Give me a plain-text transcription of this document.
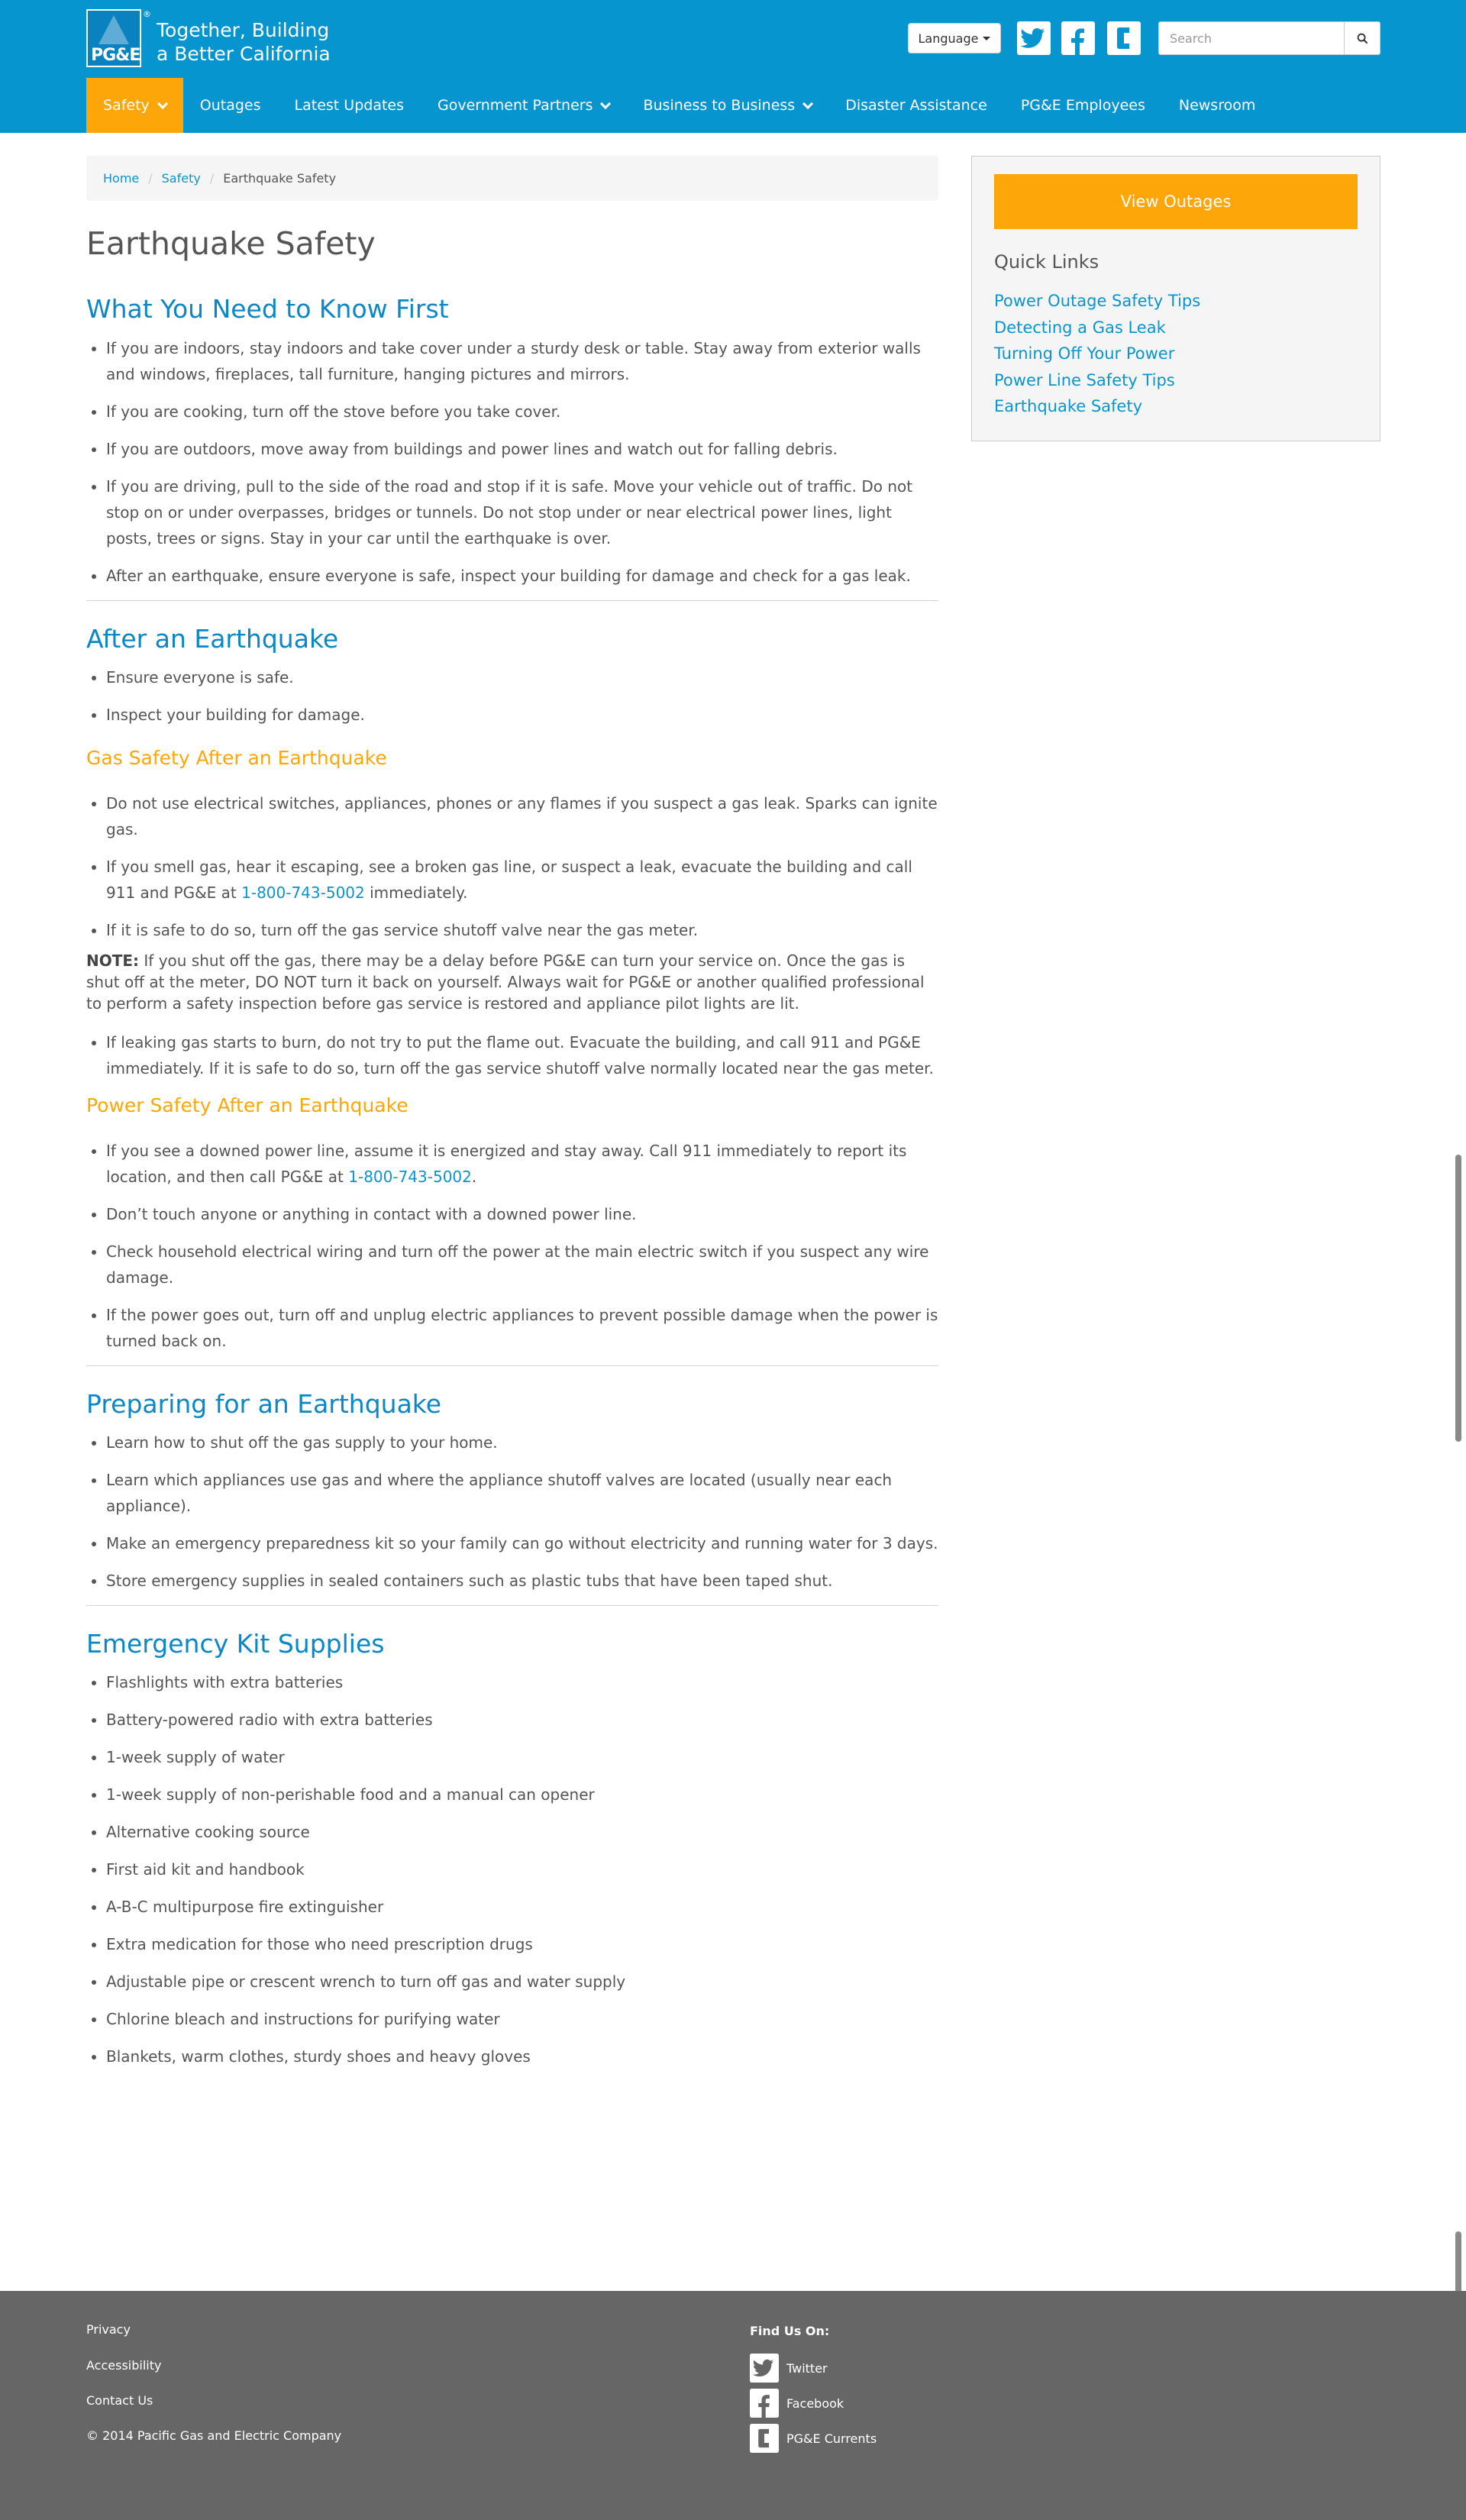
PG&E
®
Together, Building
a Better California
Language
Search
Safety	Outages Latest Updates Government Partners	Business to Business	Disaster Assistance PG&E Employees Newsroom
Home / Safety / Earthquake Safety
Earthquake Safety
What You Need to Know First
• If you are indoors, stay indoors and take cover under a sturdy desk or table. Stay away from exterior walls and windows, fireplaces, tall furniture, hanging pictures and mirrors.
• If you are cooking, turn off the stove before you take cover.
• If you are outdoors, move away from buildings and power lines and watch out for falling debris.
• If you are driving, pull to the side of the road and stop if it is safe. Move your vehicle out of traffic. Do not stop on or under overpasses, bridges or tunnels. Do not stop under or near electrical power lines, light posts, trees or signs. Stay in your car until the earthquake is over.
• After an earthquake, ensure everyone is safe, inspect your building for damage and check for a gas leak.
After an Earthquake
• Ensure everyone is safe.
• Inspect your building for damage.
Gas Safety After an Earthquake
• Do not use electrical switches, appliances, phones or any flames if you suspect a gas leak. Sparks can ignite gas.
• If you smell gas, hear it escaping, see a broken gas line, or suspect a leak, evacuate the building and call 911 and PG&E at 1-800-743-5002 immediately.
• If it is safe to do so, turn off the gas service shutoff valve near the gas meter.

NOTE: If you shut off the gas, there may be a delay before PG&E can turn your service on. Once the gas is shut off at the meter, DO NOT turn it back on yourself. Always wait for PG&E or another qualified professional to perform a safety inspection before gas service is restored and appliance pilot lights are lit.

• If leaking gas starts to burn, do not try to put the flame out. Evacuate the building, and call 911 and PG&E immediately. If it is safe to do so, turn off the gas service shutoff valve normally located near the gas meter.
Power Safety After an Earthquake
• If you see a downed power line, assume it is energized and stay away. Call 911 immediately to report its location, and then call PG&E at 1-800-743-5002.
• Don’t touch anyone or anything in contact with a downed power line.
• Check household electrical wiring and turn off the power at the main electric switch if you suspect any wire damage.
• If the power goes out, turn off and unplug electric appliances to prevent possible damage when the power is turned back on.
Preparing for an Earthquake
• Learn how to shut off the gas supply to your home.
• Learn which appliances use gas and where the appliance shutoff valves are located (usually near each appliance).
• Make an emergency preparedness kit so your family can go without electricity and running water for 3 days.
• Store emergency supplies in sealed containers such as plastic tubs that have been taped shut.
Emergency Kit Supplies
• Flashlights with extra batteries
• Battery-powered radio with extra batteries
• 1-week supply of water
• 1-week supply of non-perishable food and a manual can opener
• Alternative cooking source
• First aid kit and handbook
• A-B-C multipurpose fire extinguisher
• Extra medication for those who need prescription drugs
• Adjustable pipe or crescent wrench to turn off gas and water supply
• Chlorine bleach and instructions for purifying water
• Blankets, warm clothes, sturdy shoes and heavy gloves
View Outages
Quick Links
Power Outage Safety Tips
Detecting a Gas Leak
Turning Off Your Power
Power Line Safety Tips
Earthquake Safety
Privacy
Accessibility
Contact Us
© 2014 Pacific Gas and Electric Company
Find Us On:
Twitter
Facebook
PG&E Currents
